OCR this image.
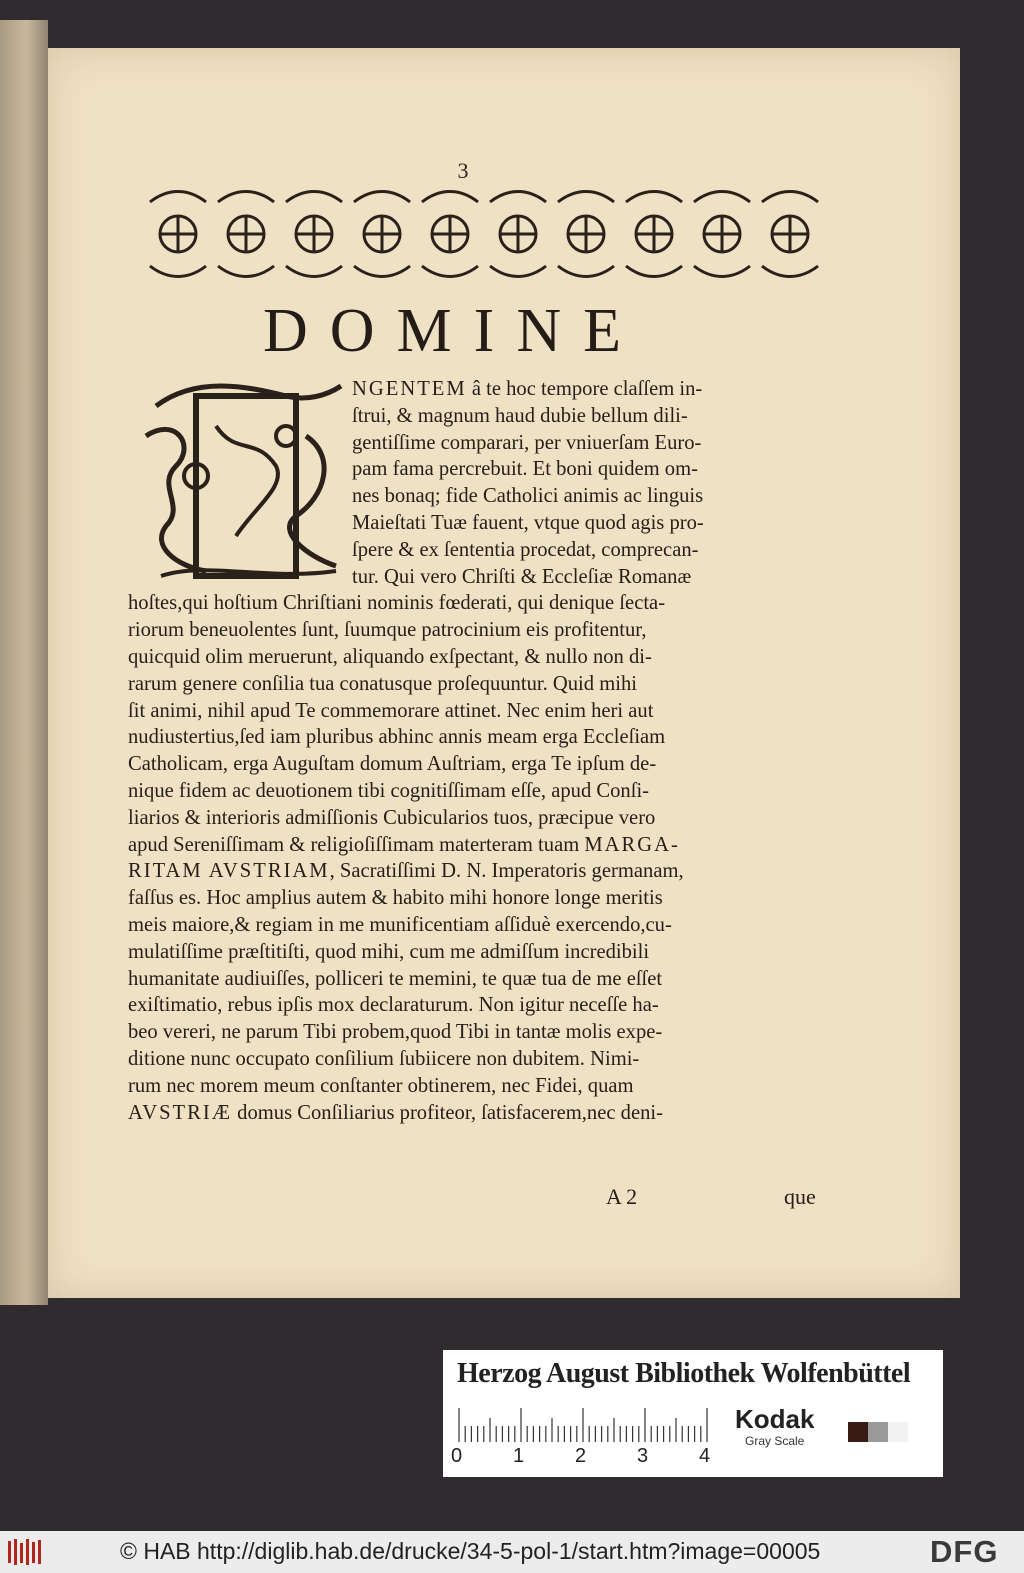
3
DOMINE
NGENTEM â te hoc tempore claſſem in-
ſtrui, & magnum haud dubie bellum dili-
gentiſſime comparari, per vniuerſam Euro-
pam fama percrebuit. Et boni quidem om-
nes bonaq; fide Catholici animis ac linguis
Maieſtati Tuæ fauent, vtque quod agis pro-
ſpere & ex ſententia procedat, comprecan-
tur. Qui vero Chriſti & Eccleſiæ Romanæ
hoſtes,qui hoſtium Chriſtiani nominis fœderati, qui denique ſecta-
riorum beneuolentes ſunt, ſuumque patrocinium eis profitentur,
quicquid olim meruerunt, aliquando exſpectant, & nullo non di-
rarum genere conſilia tua conatusque proſequuntur. Quid mihi
ſit animi, nihil apud Te commemorare attinet. Nec enim heri aut
nudiustertius,ſed iam pluribus abhinc annis meam erga Eccleſiam
Catholicam, erga Auguſtam domum Auſtriam, erga Te ipſum de-
nique fidem ac deuotionem tibi cognitiſſimam eſſe, apud Conſi-
liarios & interioris admiſſionis Cubicularios tuos, præcipue vero
apud Sereniſſimam & religioſiſſimam materteram tuam MARGA-
RITAM AVSTRIAM, Sacratiſſimi D. N. Imperatoris germanam,
faſſus es. Hoc amplius autem & habito mihi honore longe meritis
meis maiore,& regiam in me munificentiam aſſiduè exercendo,cu-
mulatiſſime præſtitiſti, quod mihi, cum me admiſſum incredibili
humanitate audiuiſſes, polliceri te memini, te quæ tua de me eſſet
exiſtimatio, rebus ipſis mox declaraturum. Non igitur neceſſe ha-
beo vereri, ne parum Tibi probem,quod Tibi in tantæ molis expe-
ditione nunc occupato conſilium ſubiicere non dubitem. Nimi-
rum nec morem meum conſtanter obtinerem, nec Fidei, quam
AVSTRIÆ domus Conſiliarius profiteor, ſatisfacerem,nec deni-
A 2	que
Herzog August Bibliothek Wolfenbüttel
0	1	2	3	4
Kodak
Gray Scale
© HAB http://diglib.hab.de/drucke/34-5-pol-1/start.htm?image=00005	DFG
